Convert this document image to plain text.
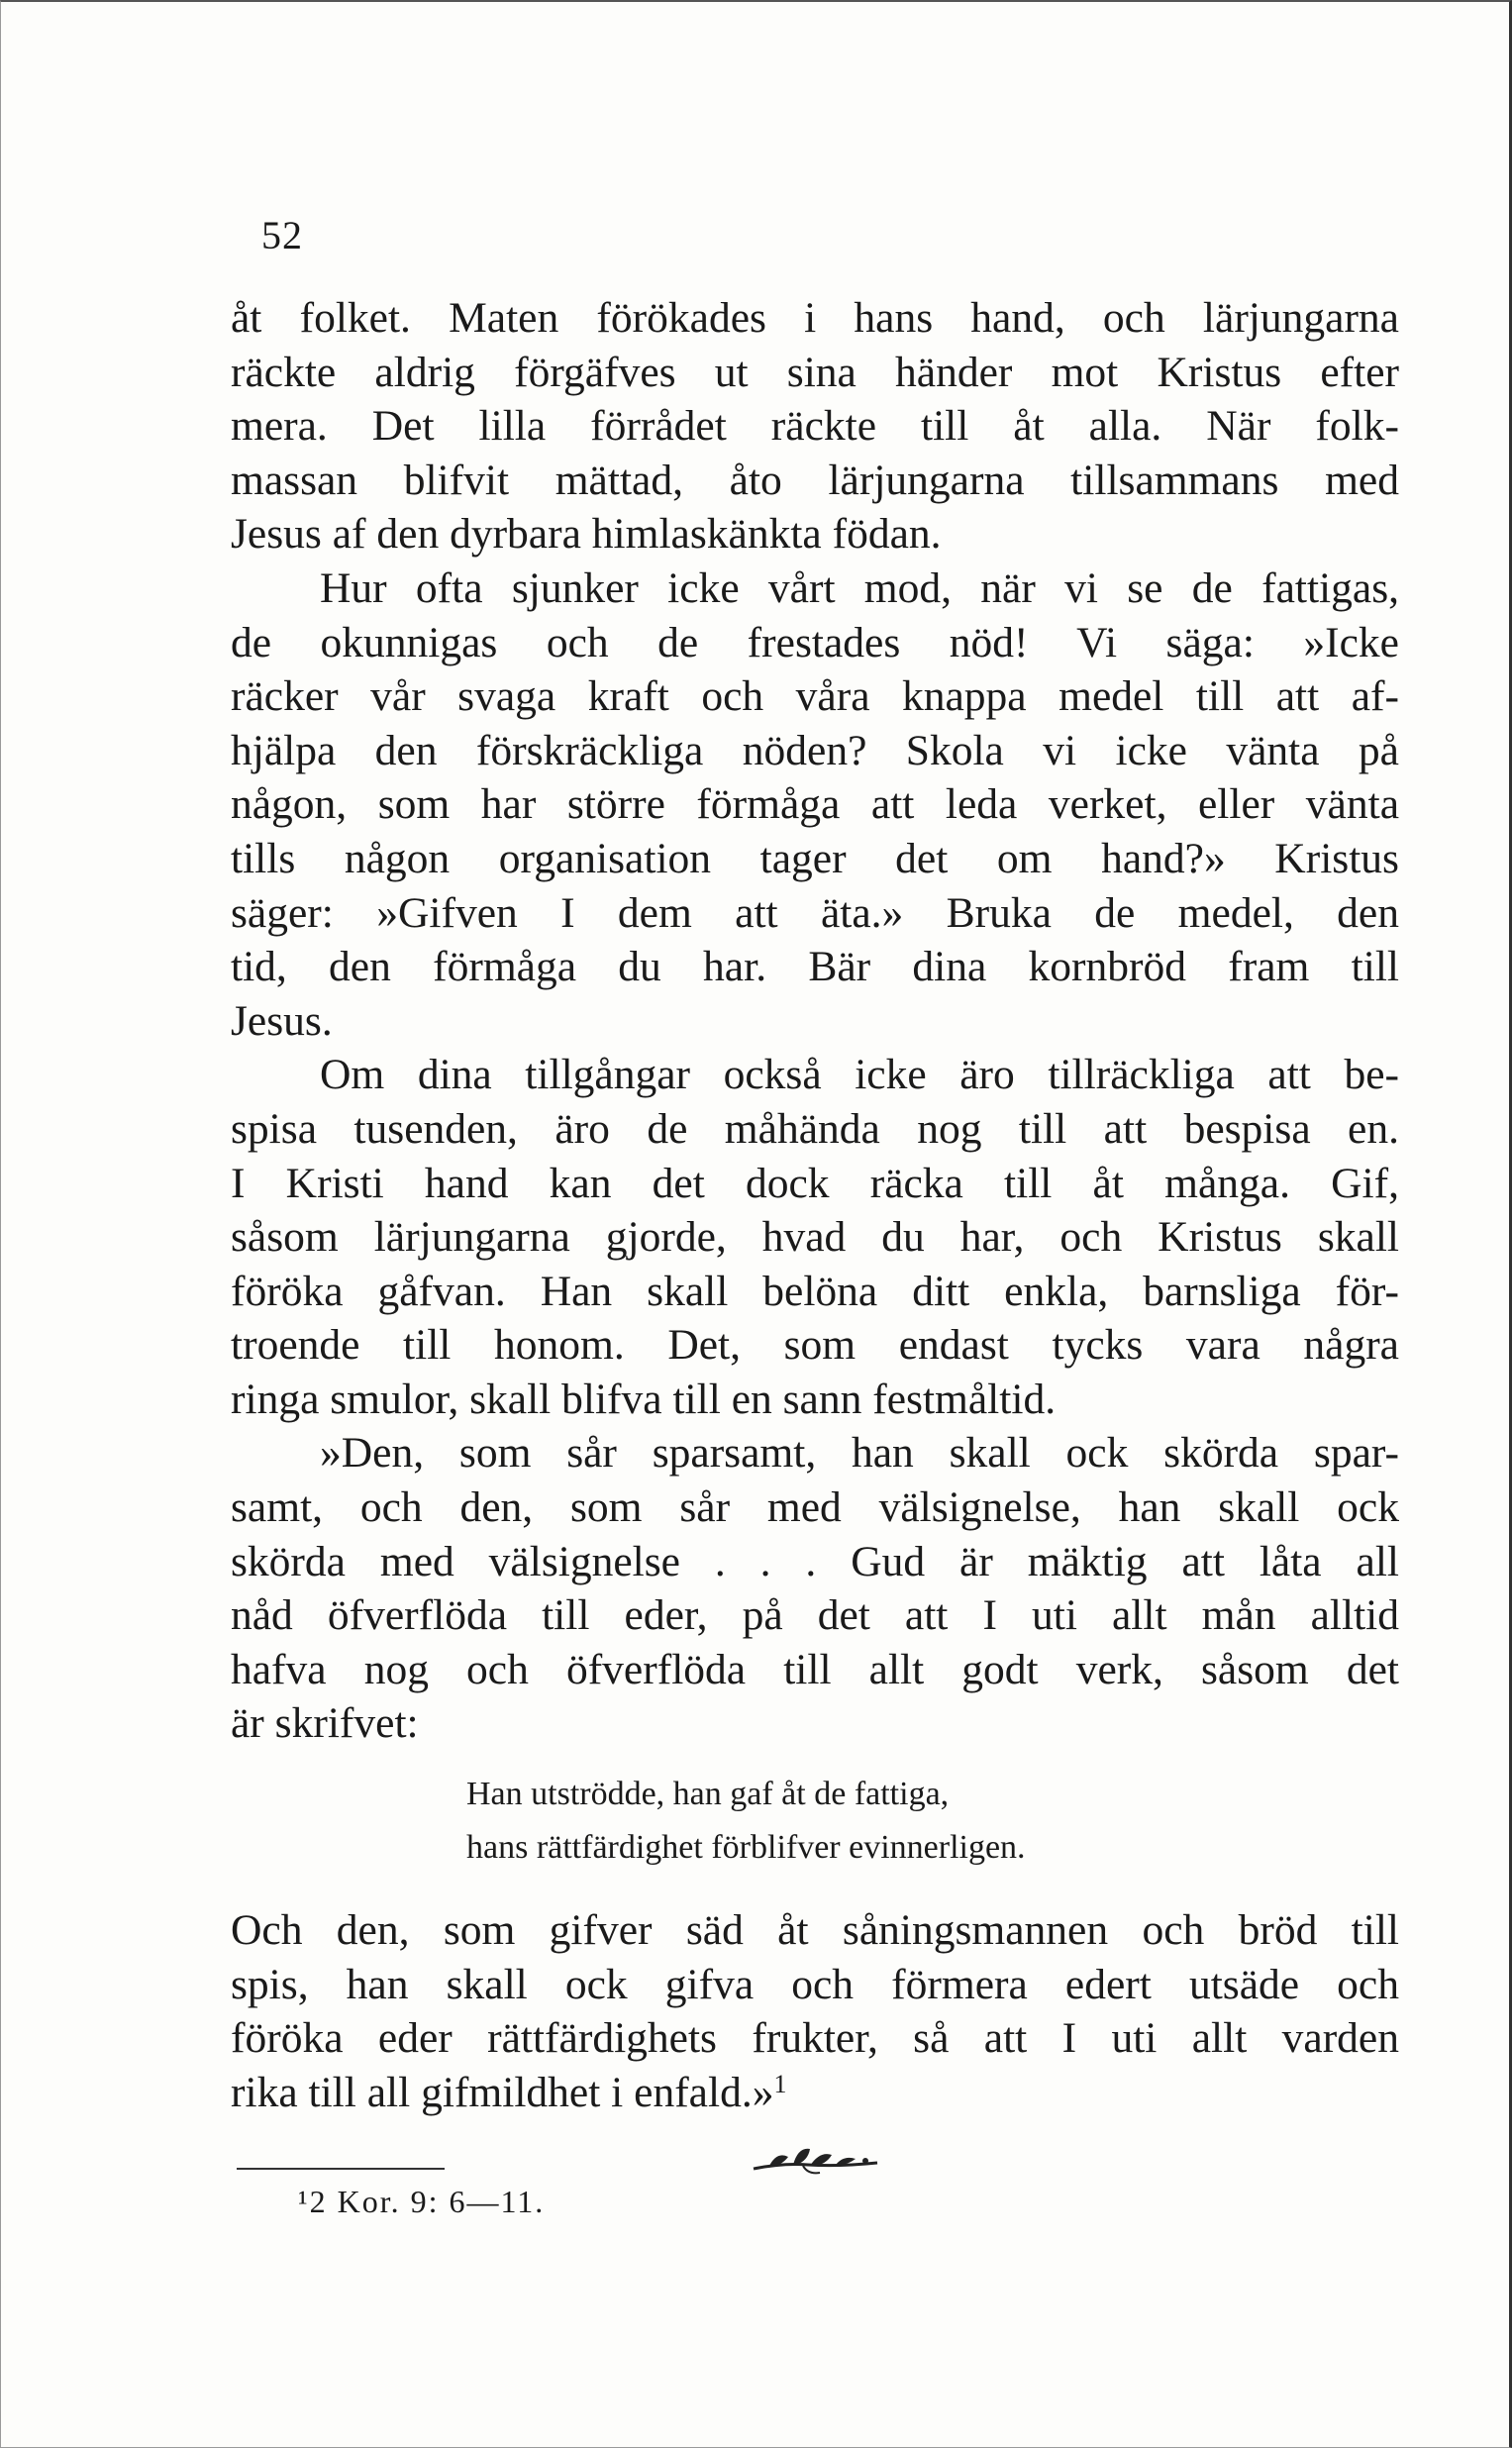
52
åt folket. Maten förökades i hans hand, och lärjungarna
räckte aldrig förgäfves ut sina händer mot Kristus efter
mera. Det lilla förrådet räckte till åt alla. När folk-
massan blifvit mättad, åto lärjungarna tillsammans med
Jesus af den dyrbara himlaskänkta födan.
Hur ofta sjunker icke vårt mod, när vi se de fattigas,
de okunnigas och de frestades nöd! Vi säga: »Icke
räcker vår svaga kraft och våra knappa medel till att af-
hjälpa den förskräckliga nöden? Skola vi icke vänta på
någon, som har större förmåga att leda verket, eller vänta
tills någon organisation tager det om hand?» Kristus
säger: »Gifven I dem att äta.» Bruka de medel, den
tid, den förmåga du har. Bär dina kornbröd fram till
Jesus.
Om dina tillgångar också icke äro tillräckliga att be-
spisa tusenden, äro de måhända nog till att bespisa en.
I Kristi hand kan det dock räcka till åt många. Gif,
såsom lärjungarna gjorde, hvad du har, och Kristus skall
föröka gåfvan. Han skall belöna ditt enkla, barnsliga för-
troende till honom. Det, som endast tycks vara några
ringa smulor, skall blifva till en sann festmåltid.
»Den, som sår sparsamt, han skall ock skörda spar-
samt, och den, som sår med välsignelse, han skall ock
skörda med välsignelse . . . Gud är mäktig att låta all
nåd öfverflöda till eder, på det att I uti allt mån alltid
hafva nog och öfverflöda till allt godt verk, såsom det
är skrifvet:
Han utströdde, han gaf åt de fattiga,
hans rättfärdighet förblifver evinnerligen.
Och den, som gifver säd åt såningsmannen och bröd till
spis, han skall ock gifva och förmera edert utsäde och
föröka eder rättfärdighets frukter, så att I uti allt varden
rika till all gifmildhet i enfald.»$^1$
¹2 Kor. 9: 6—11.
